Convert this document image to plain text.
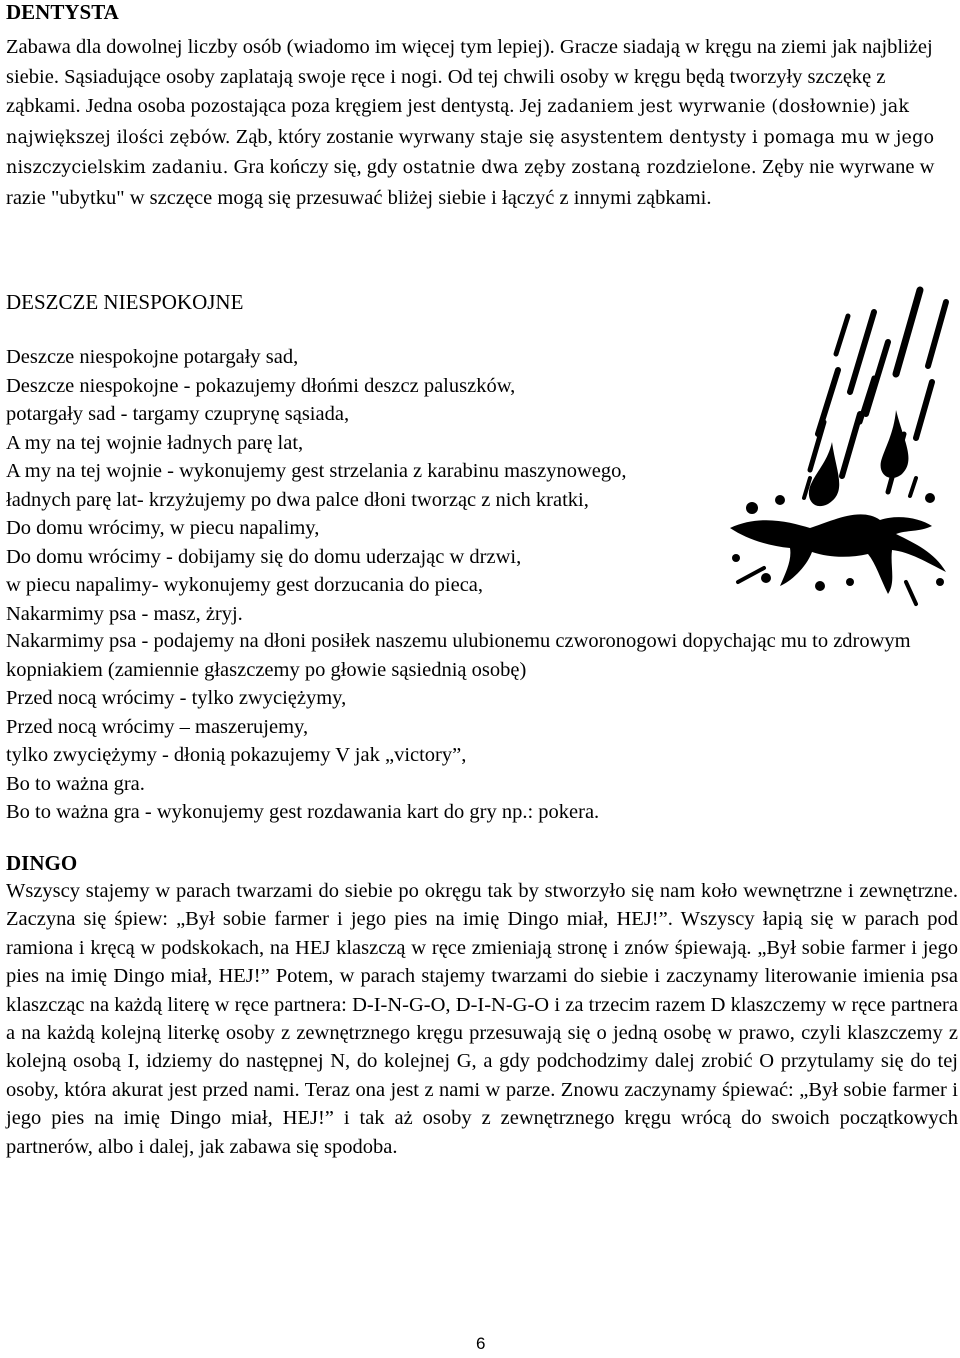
DENTYSTA

Zabawa dla dowolnej liczby osób (wiadomo im więcej tym lepiej). Gracze siadają w kręgu na ziemi jak najbliżej siebie. Sąsiadujące osoby zaplatają swoje ręce i nogi. Od tej chwili osoby w kręgu będą tworzyły szczękę z ząbkami. Jedna osoba pozostająca poza kręgiem jest dentystą. Jej zadaniem jest wyrwanie (dosłownie) jak największej ilości zębów. Ząb, który zostanie wyrwany staje się asystentem dentysty i pomaga mu w jego niszczycielskim zadaniu. Gra kończy się, gdy ostatnie dwa zęby zostaną rozdzielone. Zęby nie wyrwane w razie "ubytku" w szczęce mogą się przesuwać bliżej siebie i łączyć z innymi ząbkami.

DESZCZE NIESPOKOJNE
Deszcze niespokojne potargały sad,
Deszcze niespokojne - pokazujemy dłońmi deszcz paluszków,
potargały sad - targamy czuprynę sąsiada,
A my na tej wojnie ładnych parę lat,
A my na tej wojnie - wykonujemy gest strzelania z karabinu maszynowego,
ładnych parę lat- krzyżujemy po dwa palce dłoni tworząc z nich kratki,
Do domu wrócimy, w piecu napalimy,
Do domu wrócimy - dobijamy się do domu uderzając w drzwi,
w piecu napalimy- wykonujemy gest dorzucania do pieca,
Nakarmimy psa - masz, żryj.
Nakarmimy psa - podajemy na dłoni posiłek naszemu ulubionemu czworonogowi dopychając mu to zdrowym kopniakiem (zamiennie głaszczemy po głowie sąsiednią osobę)
Przed nocą wrócimy - tylko zwyciężymy,
Przed nocą wrócimy – maszerujemy,
tylko zwyciężymy - dłonią pokazujemy V jak „victory”,
Bo to ważna gra.
Bo to ważna gra - wykonujemy gest rozdawania kart do gry np.: pokera.
DINGO

Wszyscy stajemy w parach twarzami do siebie po okręgu tak by stworzyło się nam koło wewnętrzne i zewnętrzne. Zaczyna się śpiew: „Był sobie farmer i jego pies na imię Dingo miał, HEJ!”. Wszyscy łapią się w parach pod ramiona i kręcą w podskokach, na HEJ klaszczą w ręce zmieniają stronę i znów śpiewają. „Był sobie farmer i jego pies na imię Dingo miał, HEJ!” Potem, w parach stajemy twarzami do siebie i zaczynamy literowanie imienia psa klaszcząc na każdą literę w ręce partnera: D-I-N-G-O, D-I-N-G-O i za trzecim razem D klaszczemy w ręce partnera a na każdą kolejną literkę osoby z zewnętrznego kręgu przesuwają się o jedną osobę w prawo, czyli klaszczemy z kolejną osobą I, idziemy do następnej N, do kolejnej G, a gdy podchodzimy dalej zrobić O przytulamy się do tej osoby, która akurat jest przed nami. Teraz ona jest z nami w parze. Znowu zaczynamy śpiewać: „Był sobie farmer i jego pies na imię Dingo miał, HEJ!” i tak aż osoby z zewnętrznego kręgu wrócą do swoich początkowych partnerów, albo i dalej, jak zabawa się spodoba.

6
